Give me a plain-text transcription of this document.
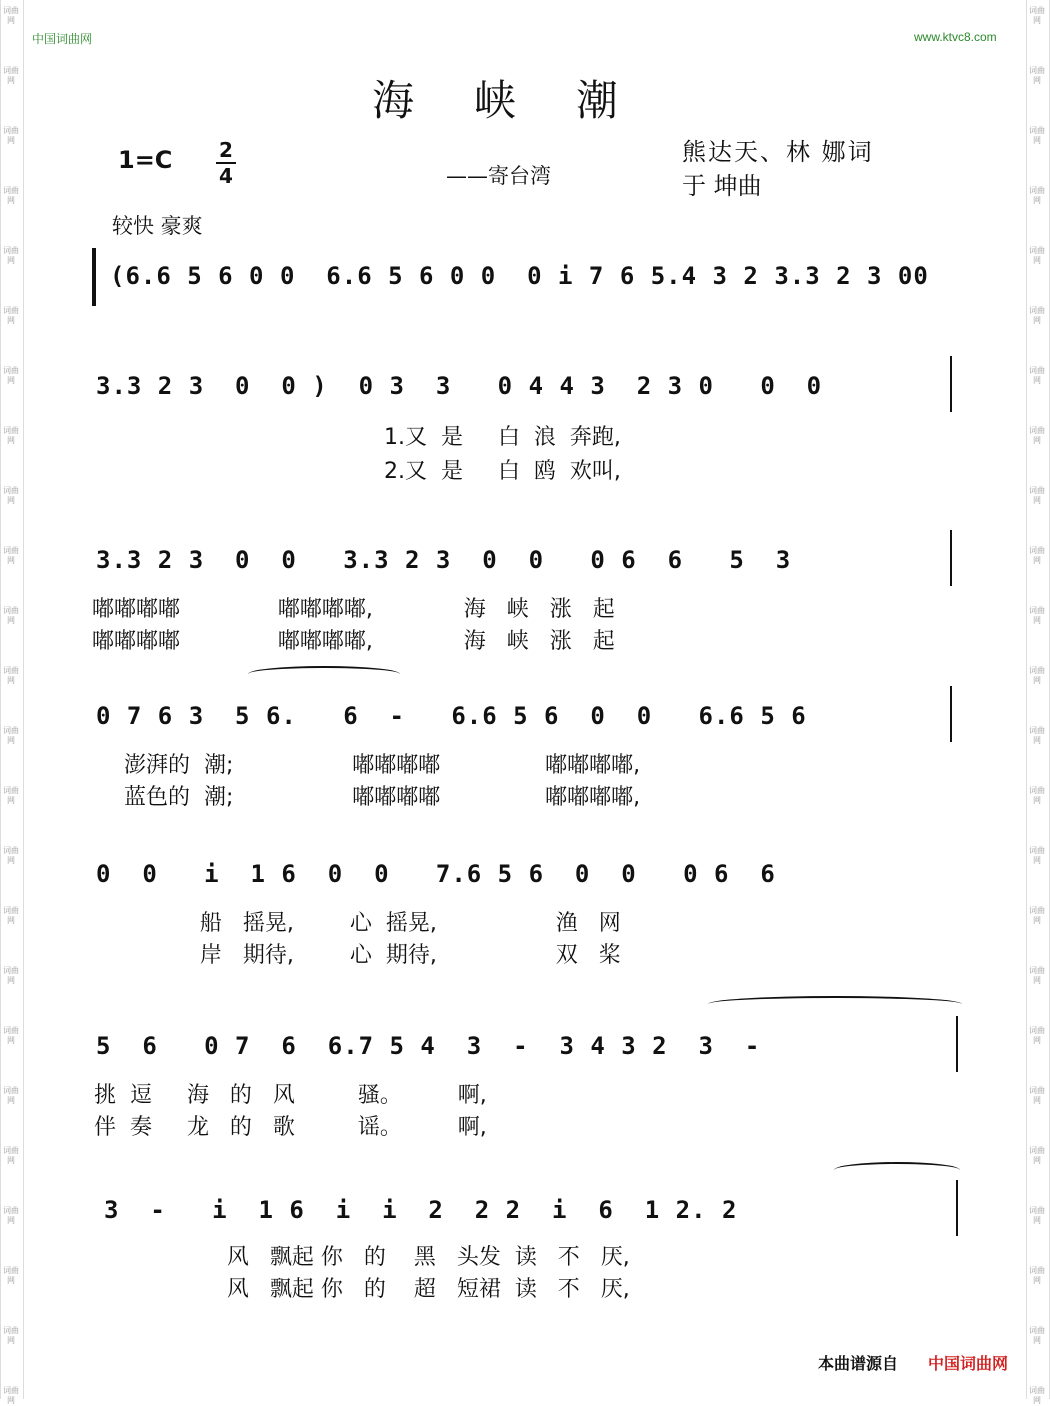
词曲网
词曲网
词曲网
词曲网
词曲网
词曲网
词曲网
词曲网
词曲网
词曲网
词曲网
词曲网
词曲网
词曲网
词曲网
词曲网
词曲网
词曲网
词曲网
词曲网
词曲网
词曲网
词曲网
词曲网
词曲网
词曲网
词曲网
词曲网
词曲网
词曲网
词曲网
词曲网
词曲网
词曲网
词曲网
词曲网
词曲网
词曲网
词曲网
词曲网
词曲网
词曲网
词曲网
词曲网
词曲网
词曲网
词曲网
词曲网
中国词曲网	www.ktvc8.com
海峡潮
1=C 2
4	——寄台湾
熊达天、林 娜词
于 坤曲
较快 豪爽
(6.6 5 6 0 0  6.6 5 6 0 0  0 i 7 6 5.4 3 2 3.3 2 3 00
3.3 2 3  0  0 )  0 3  3   0 4 4 3  2 3 0   0  0
1.又  是     白  浪  奔跑,
2.又  是     白  鸥  欢叫,
3.3 2 3  0  0   3.3 2 3  0  0   0 6  6   5  3
嘟嘟嘟嘟              嘟嘟嘟嘟,             海   峡   涨   起
嘟嘟嘟嘟              嘟嘟嘟嘟,             海   峡   涨   起
0 7 6 3  5 6.   6  -   6.6 5 6  0  0   6.6 5 6
澎湃的  潮;                 嘟嘟嘟嘟               嘟嘟嘟嘟,
蓝色的  潮;                 嘟嘟嘟嘟               嘟嘟嘟嘟,
0  0   i  1 6  0  0   7.6 5 6  0  0   0 6  6
船   摇晃,        心  摇晃,                 渔   网
岸   期待,        心  期待,                 双   桨
5  6   0 7  6  6.7 5 4  3  -  3 4 3 2  3  -
挑  逗     海   的   风         骚。        啊,
伴  奏     龙   的   歌         谣。        啊,
3  -   i  1 6  i  i  2  2 2  i  6  1 2. 2
风   飘起 你   的    黑   头发  读   不   厌,
风   飘起 你   的    超   短裙  读   不   厌,
本曲谱源自 中国词曲网
